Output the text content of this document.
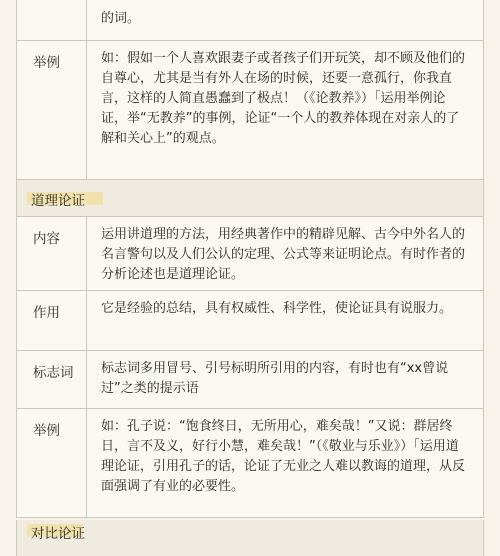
的词。
举例	如：假如一个人喜欢跟妻子或者孩子们开玩笑，却不顾及他们的自尊心，尤其是当有外人在场的时候，还要一意孤行，你我直言，这样的人简直愚蠢到了极点！（《论教养》）「运用举例论证，举“无教养”的事例，论证“一个人的教养体现在对亲人的了解和关心上”的观点。
道理论证
内容	运用讲道理的方法，用经典著作中的精辟见解、古今中外名人的名言警句以及人们公认的定理、公式等来证明论点。有时作者的分析论述也是道理论证。
作用	它是经验的总结，具有权威性、科学性，使论证具有说服力。
标志词	标志词多用冒号、引号标明所引用的内容，有时也有“xx曾说过”之类的提示语
举例	如：孔子说：“饱食终日，无所用心，难矣哉！”又说：群居终日，言不及义，好行小慧，难矣哉！”（《敬业与乐业》）「运用道理论证，引用孔子的话，论证了无业之人难以教诲的道理，从反面强调了有业的必要性。
对比论证
